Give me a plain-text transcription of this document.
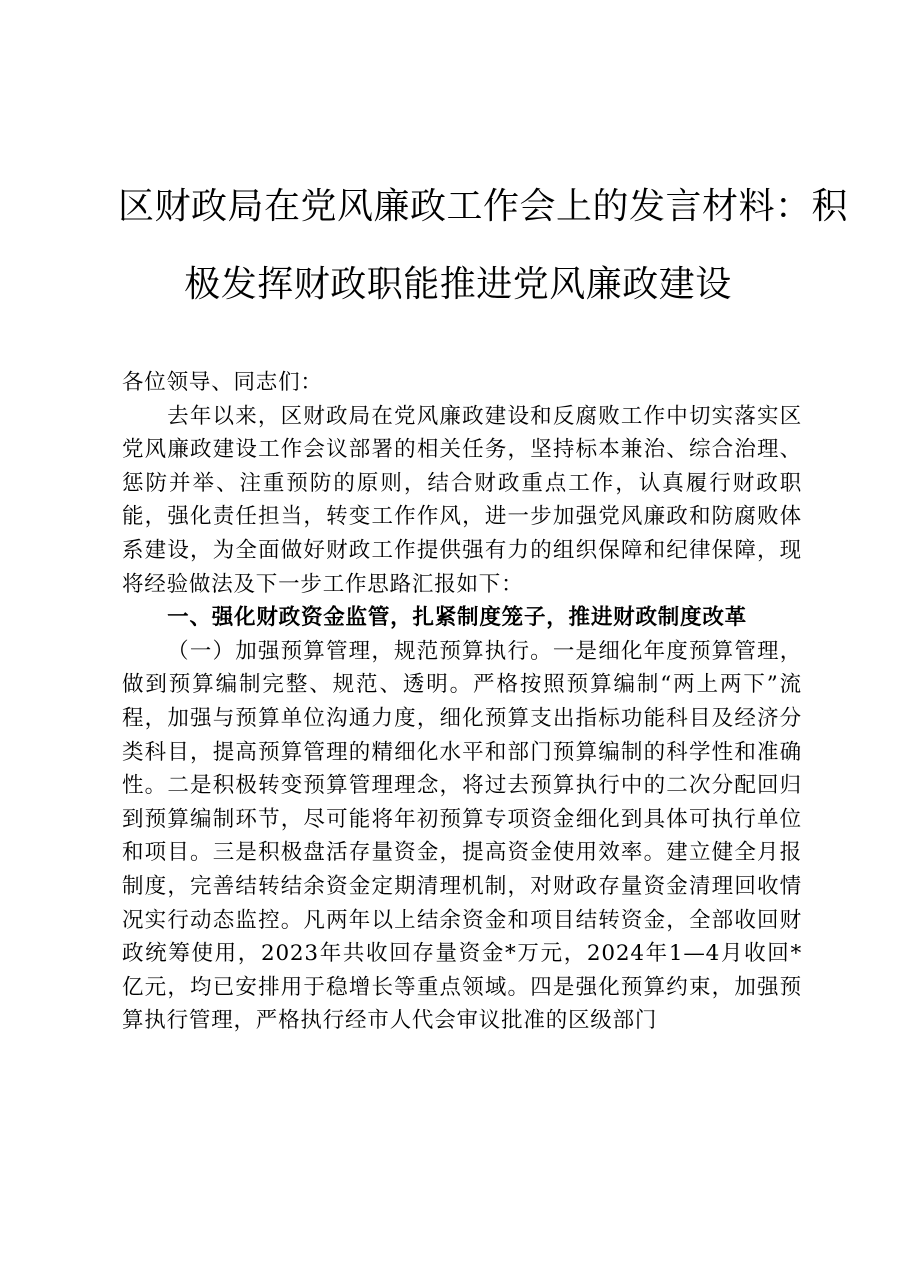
区财政局在党风廉政工作会上的发言材料：积
极发挥财政职能推进党风廉政建设

各位领导、同志们：

去年以来，区财政局在党风廉政建设和反腐败工作中切实落实区党风廉政建设工作会议部署的相关任务，坚持标本兼治、综合治理、惩防并举、注重预防的原则，结合财政重点工作，认真履行财政职能，强化责任担当，转变工作作风，进一步加强党风廉政和防腐败体系建设，为全面做好财政工作提供强有力的组织保障和纪律保障，现将经验做法及下一步工作思路汇报如下：

一、强化财政资金监管，扎紧制度笼子，推进财政制度改革

（一）加强预算管理，规范预算执行。一是细化年度预算管理，做到预算编制完整、规范、透明。严格按照预算编制“两上两下”流程，加强与预算单位沟通力度，细化预算支出指标功能科目及经济分类科目，提高预算管理的精细化水平和部门预算编制的科学性和准确性。二是积极转变预算管理理念，将过去预算执行中的二次分配回归到预算编制环节，尽可能将年初预算专项资金细化到具体可执行单位和项目。三是积极盘活存量资金，提高资金使用效率。建立健全月报制度，完善结转结余资金定期清理机制，对财政存量资金清理回收情况实行动态监控。凡两年以上结余资金和项目结转资金，全部收回财政统筹使用，2023年共收回存量资金*万元，2024年1—4月收回*亿元，均已安排用于稳增长等重点领域。四是强化预算约束，加强预算执行管理，严格执行经市人代会审议批准的区级部门
